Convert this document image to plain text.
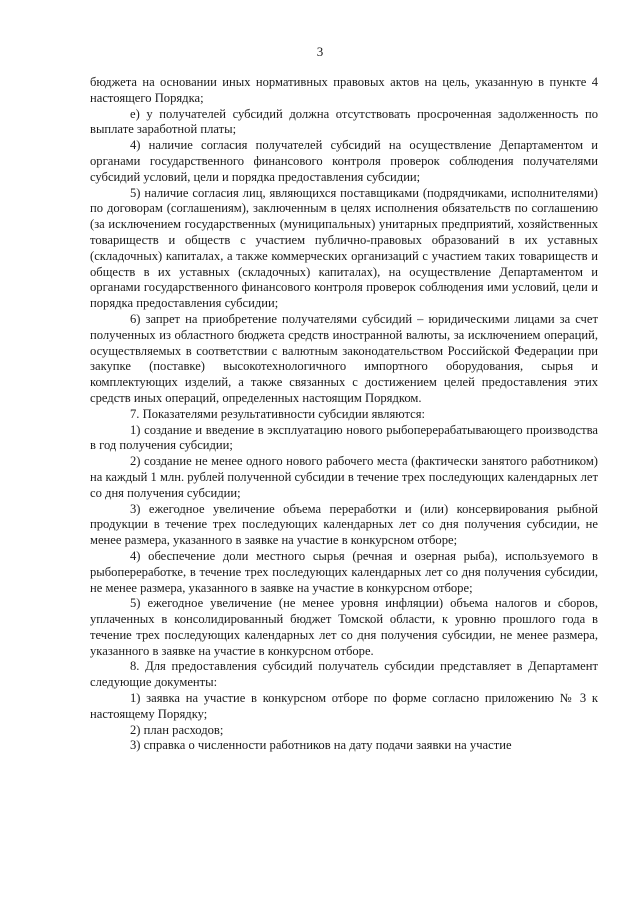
3

бюджета на основании иных нормативных правовых актов на цель, указанную в пункте 4 настоящего Порядка;

е) у получателей субсидий должна отсутствовать просроченная задолженность по выплате заработной платы;

4) наличие согласия получателей субсидий на осуществление Департаментом и органами государственного финансового контроля проверок соблюдения получателями субсидий условий, цели и порядка предоставления субсидии;

5) наличие согласия лиц, являющихся поставщиками (подрядчиками, исполнителями) по договорам (соглашениям), заключенным в целях исполнения обязательств по соглашению (за исключением государственных (муниципальных) унитарных предприятий, хозяйственных товариществ и обществ с участием публично-правовых образований в их уставных (складочных) капиталах, а также коммерческих организаций с участием таких товариществ и обществ в их уставных (складочных) капиталах), на осуществление Департаментом и органами государственного финансового контроля проверок соблюдения ими условий, цели и порядка предоставления субсидии;

6) запрет на приобретение получателями субсидий – юридическими лицами за счет полученных из областного бюджета средств иностранной валюты, за исключением операций, осуществляемых в соответствии с валютным законодательством Российской Федерации при закупке (поставке) высокотехнологичного импортного оборудования, сырья и комплектующих изделий, а также связанных с достижением целей предоставления этих средств иных операций, определенных настоящим Порядком.

7. Показателями результативности субсидии являются:

1) создание и введение в эксплуатацию нового рыбоперерабатывающего производства в год получения субсидии;

2) создание не менее одного нового рабочего места (фактически занятого работником) на каждый 1 млн. рублей полученной субсидии в течение трех последующих календарных лет со дня получения субсидии;

3) ежегодное увеличение объема переработки и (или) консервирования рыбной продукции в течение трех последующих календарных лет со дня получения субсидии, не менее размера, указанного в заявке на участие в конкурсном отборе;

4) обеспечение доли местного сырья (речная и озерная рыба), используемого в рыбопереработке, в течение трех последующих календарных лет со дня получения субсидии, не менее размера, указанного в заявке на участие в конкурсном отборе;

5) ежегодное увеличение (не менее уровня инфляции) объема налогов и сборов, уплаченных в консолидированный бюджет Томской области, к уровню прошлого года в течение трех последующих календарных лет со дня получения субсидии, не менее размера, указанного в заявке на участие в конкурсном отборе.

8. Для предоставления субсидий получатель субсидии представляет в Департамент следующие документы:

1) заявка на участие в конкурсном отборе по форме согласно приложению № 3 к настоящему Порядку;

2) план расходов;

3) справка о численности работников на дату подачи заявки на участие
